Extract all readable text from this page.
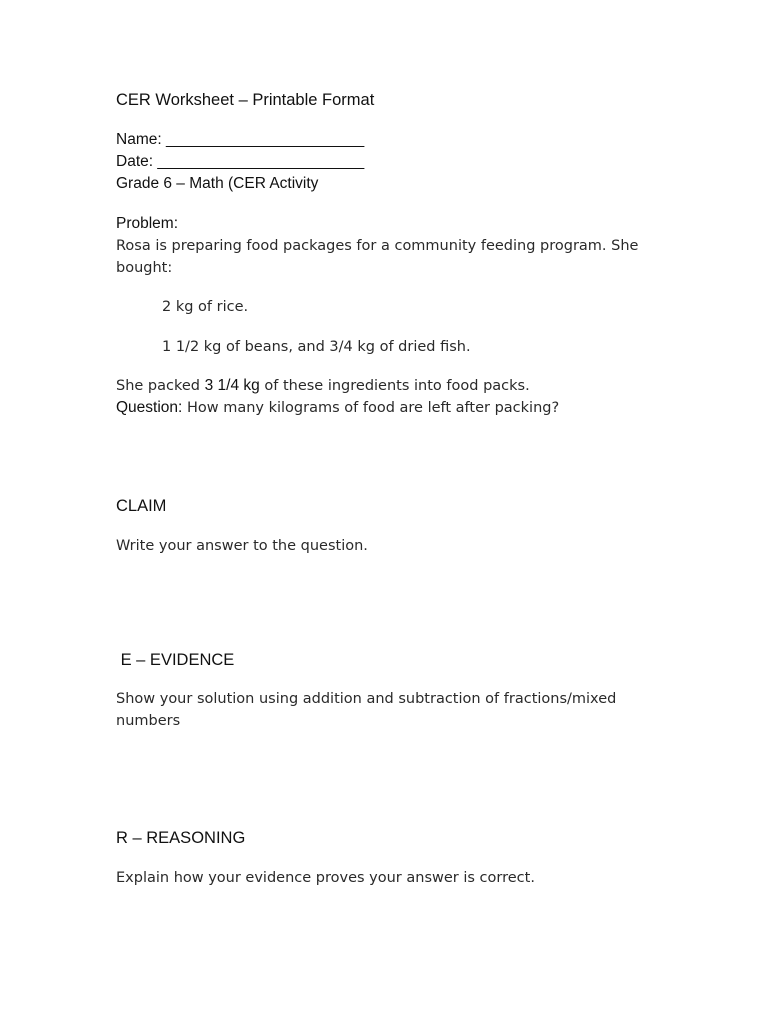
CER Worksheet – Printable Format
Name: _______________________
Date: ________________________
Grade 6 – Math (CER Activity
Problem:
Rosa is preparing food packages for a community feeding program. She
bought:
2 kg of rice.
1 1/2 kg of beans, and 3/4 kg of dried fish.
She packed 3 1/4 kg of these ingredients into food packs.
Question: How many kilograms of food are left after packing?
CLAIM
Write your answer to the question.
E – EVIDENCE
Show your solution using addition and subtraction of fractions/mixed
numbers
R – REASONING
Explain how your evidence proves your answer is correct.
